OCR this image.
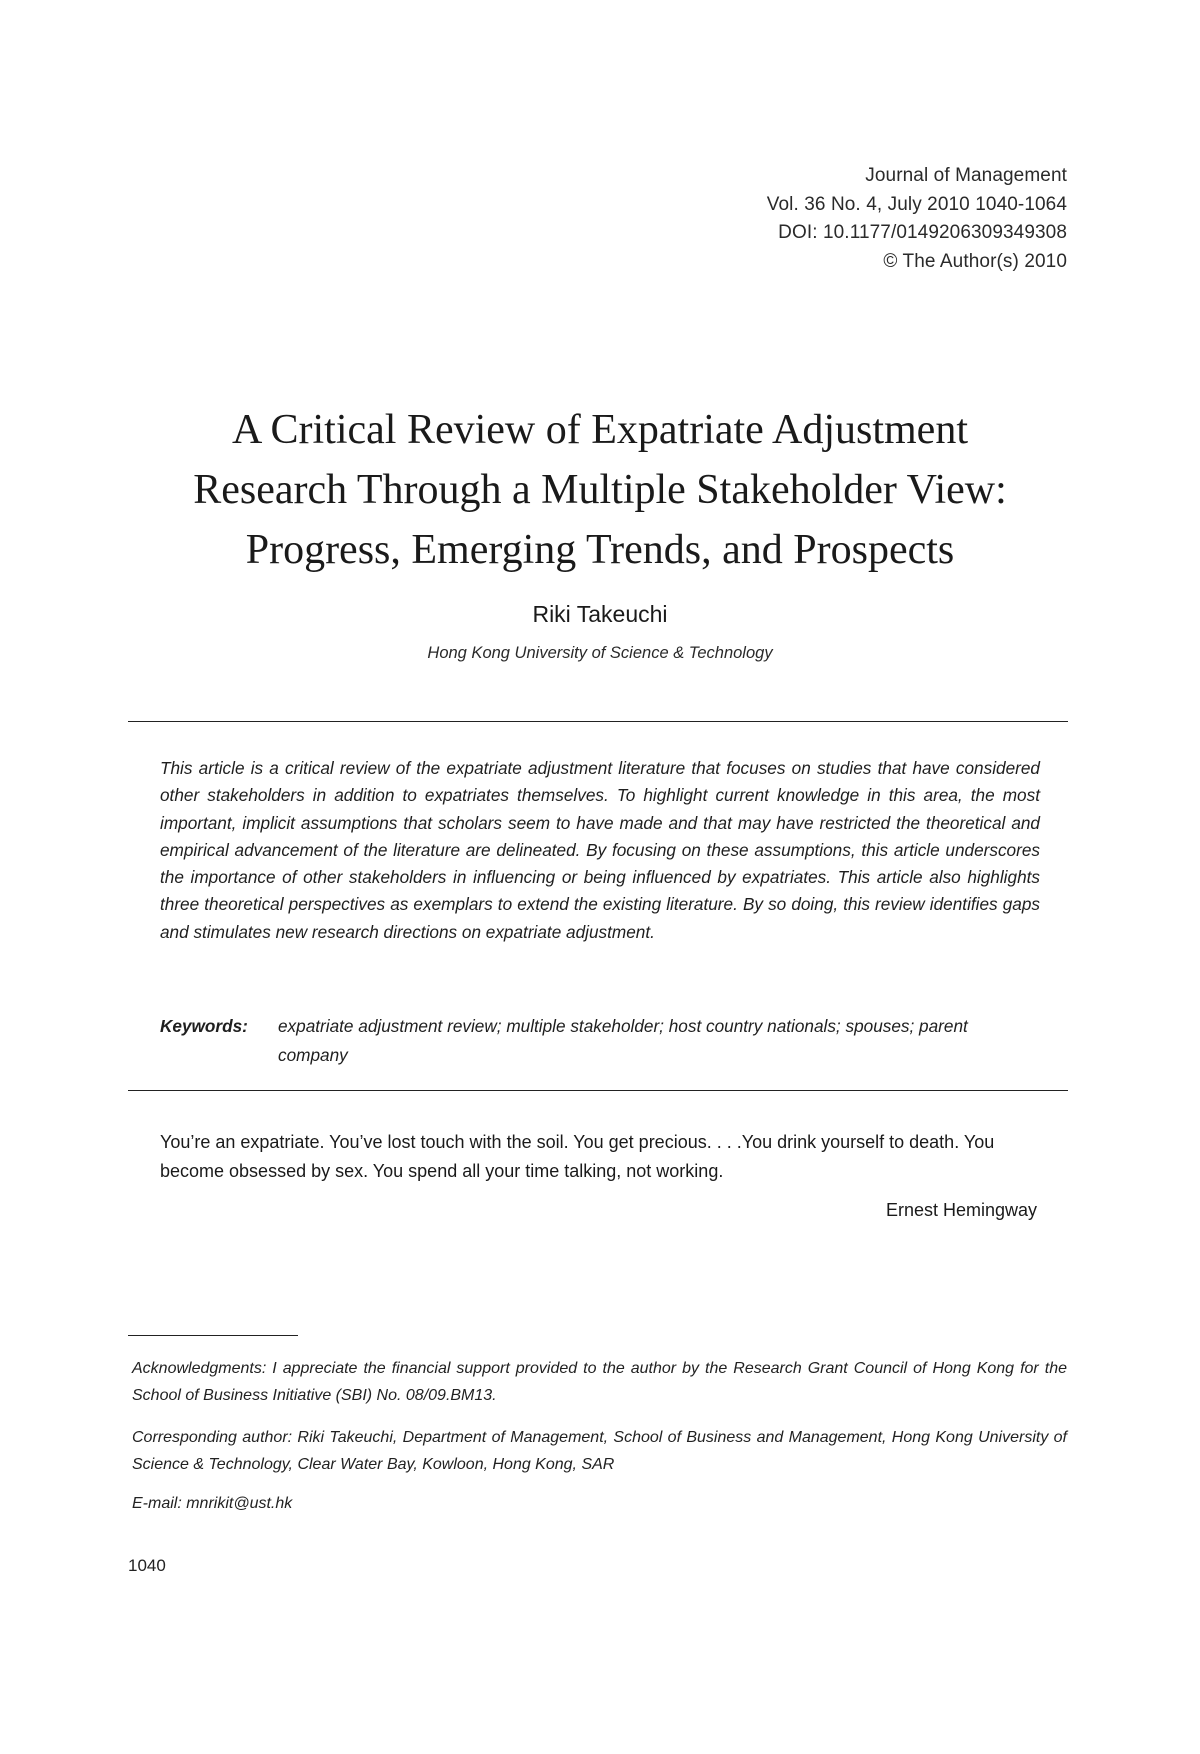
Journal of Management
Vol. 36 No. 4, July 2010 1040-1064
DOI: 10.1177/0149206309349308
© The Author(s) 2010
A Critical Review of Expatriate Adjustment
Research Through a Multiple Stakeholder View:
Progress, Emerging Trends, and Prospects
Riki Takeuchi
Hong Kong University of Science & Technology
This article is a critical review of the expatriate adjustment literature that focuses on studies that have considered other stakeholders in addition to expatriates themselves. To highlight current knowledge in this area, the most important, implicit assumptions that scholars seem to have made and that may have restricted the theoretical and empirical advancement of the literature are delineated. By focusing on these assumptions, this article underscores the importance of other stakeholders in influencing or being influenced by expatriates. This article also highlights three theoretical perspectives as exemplars to extend the existing literature. By so doing, this review identifies gaps and stimulates new research directions on expatriate adjustment.
Keywords: expatriate adjustment review; multiple stakeholder; host country nationals; spouses; parent company
You’re an expatriate. You’ve lost touch with the soil. You get precious. . . .You drink yourself to death. You become obsessed by sex. You spend all your time talking, not working.
Ernest Hemingway
Acknowledgments: I appreciate the financial support provided to the author by the Research Grant Council of Hong Kong for the School of Business Initiative (SBI) No. 08/09.BM13.
Corresponding author: Riki Takeuchi, Department of Management, School of Business and Management, Hong Kong University of Science & Technology, Clear Water Bay, Kowloon, Hong Kong, SAR
E-mail: mnrikit@ust.hk
1040
